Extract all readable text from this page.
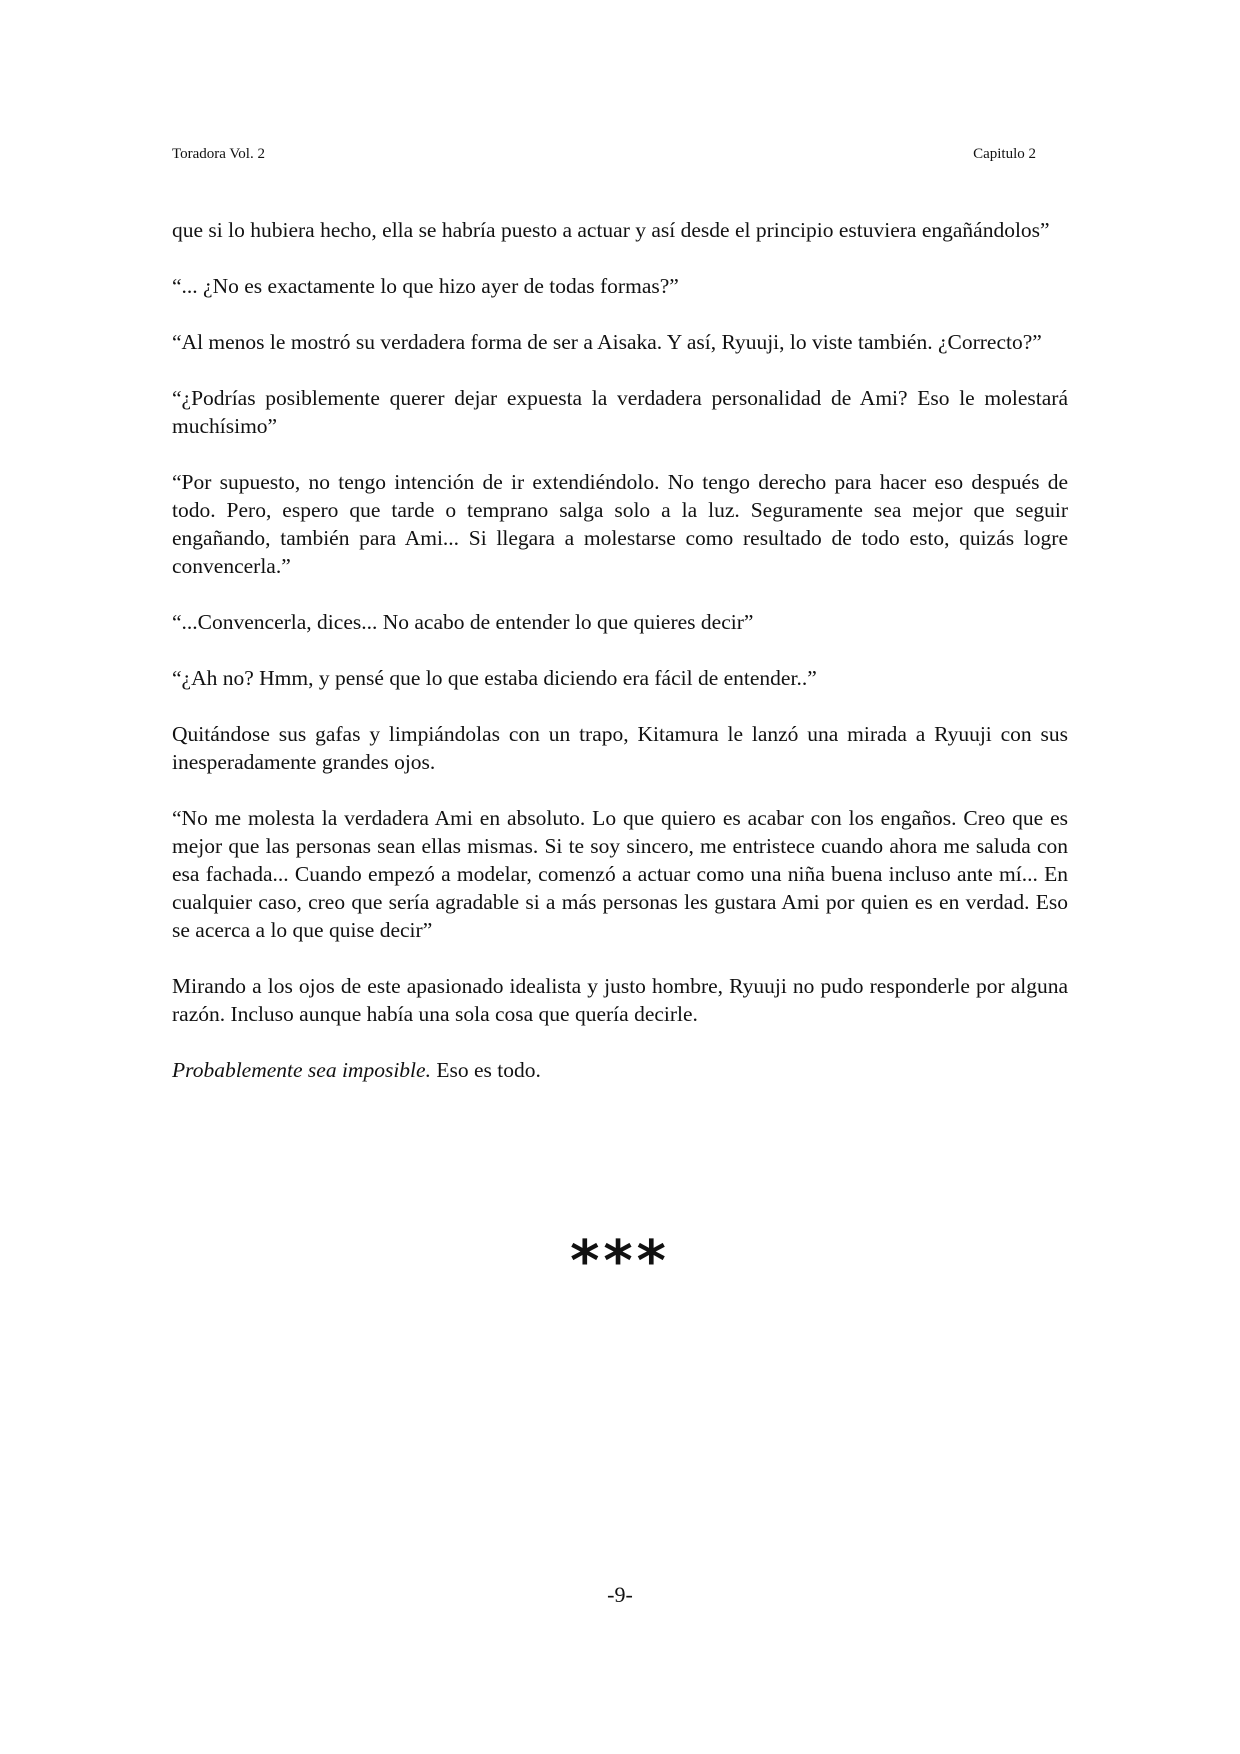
Toradora Vol. 2	Capitulo 2

que si lo hubiera hecho, ella se habría puesto a actuar y así desde el principio estuviera engañándolos”

“... ¿No es exactamente lo que hizo ayer de todas formas?”

“Al menos le mostró su verdadera forma de ser a Aisaka. Y así, Ryuuji, lo viste también. ¿Correcto?”

“¿Podrías posiblemente querer dejar expuesta la verdadera personalidad de Ami? Eso le molestará muchísimo”

“Por supuesto, no tengo intención de ir extendiéndolo. No tengo derecho para hacer eso después de todo. Pero, espero que tarde o temprano salga solo a la luz. Seguramente sea mejor que seguir engañando, también para Ami... Si llegara a molestarse como resultado de todo esto, quizás logre convencerla.”

“...Convencerla, dices... No acabo de entender lo que quieres decir”

“¿Ah no? Hmm, y pensé que lo que estaba diciendo era fácil de entender..”

Quitándose sus gafas y limpiándolas con un trapo, Kitamura le lanzó una mirada a Ryuuji con sus inesperadamente grandes ojos.

“No me molesta la verdadera Ami en absoluto. Lo que quiero es acabar con los engaños. Creo que es mejor que las personas sean ellas mismas. Si te soy sincero, me entristece cuando ahora me saluda con esa fachada... Cuando empezó a modelar, comenzó a actuar como una niña buena incluso ante mí... En cualquier caso, creo que sería agradable si a más personas les gustara Ami por quien es en verdad. Eso se acerca a lo que quise decir”

Mirando a los ojos de este apasionado idealista y justo hombre, Ryuuji no pudo responderle por alguna razón. Incluso aunque había una sola cosa que quería decirle.

Probablemente sea imposible. Eso es todo.

***
-9-
